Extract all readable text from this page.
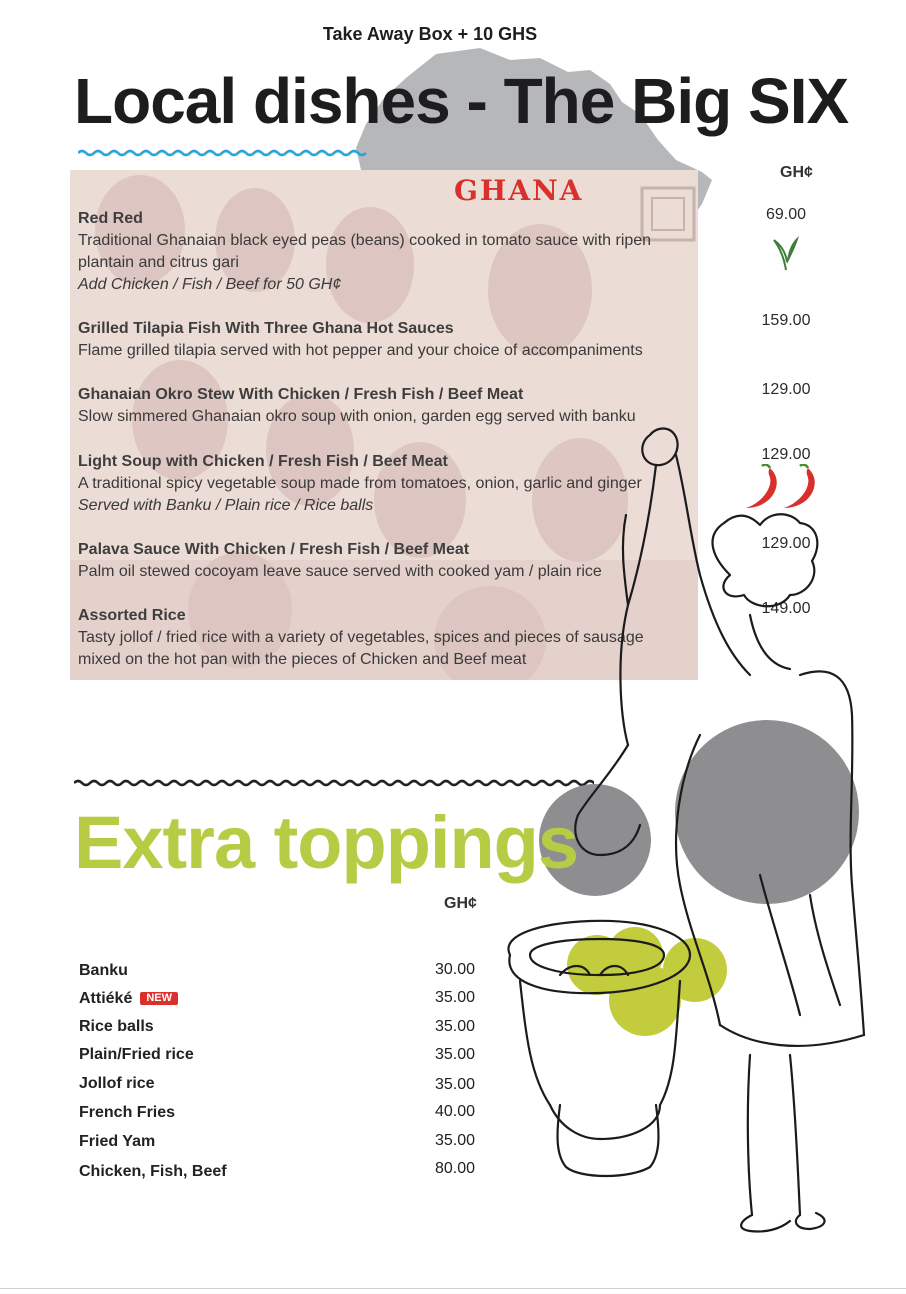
Take Away Box + 10 GHS
Local dishes - The Big SIX
GH¢
GHANA
Red Red
Traditional Ghanaian black eyed peas (beans) cooked in tomato sauce with ripen plantain and citrus gari
Add Chicken / Fish / Beef for 50 GH¢
69.00
Grilled Tilapia Fish With Three Ghana Hot Sauces
Flame grilled tilapia served with hot pepper and your choice of accompaniments
159.00
Ghanaian Okro Stew With Chicken / Fresh Fish / Beef Meat
Slow simmered Ghanaian okro soup with onion, garden egg served with banku
129.00
Light Soup with Chicken / Fresh Fish / Beef Meat
A traditional spicy vegetable soup made from tomatoes, onion, garlic and ginger
Served with Banku / Plain rice / Rice balls
129.00
Palava Sauce With Chicken / Fresh Fish / Beef Meat
Palm oil stewed cocoyam leave sauce served with cooked yam / plain rice
129.00
Assorted Rice
Tasty jollof / fried rice with a variety of vegetables, spices and pieces of sausage mixed on the hot pan with the pieces of Chicken and Beef meat
149.00
Extra toppings
GH¢
Banku	30.00
Attiéké NEW	35.00
Rice balls	35.00
Plain/Fried rice	35.00
Jollof rice	35.00
French Fries	40.00
Fried Yam	35.00
Chicken, Fish, Beef	80.00
